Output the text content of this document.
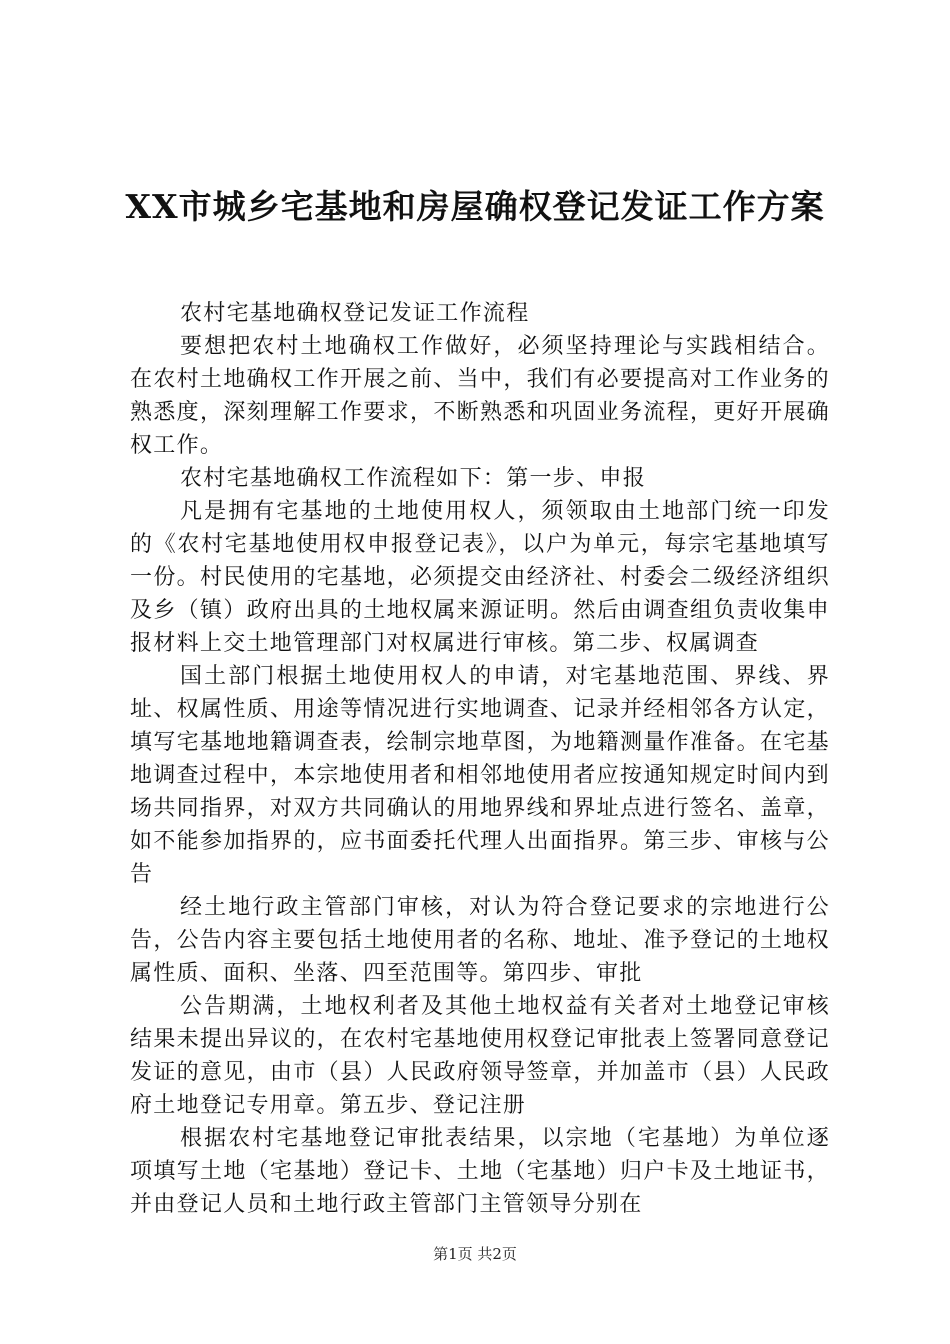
XX市城乡宅基地和房屋确权登记发证工作方案

农村宅基地确权登记发证工作流程

要想把农村土地确权工作做好，必须坚持理论与实践相结合。在农村土地确权工作开展之前、当中，我们有必要提高对工作业务的熟悉度，深刻理解工作要求，不断熟悉和巩固业务流程，更好开展确权工作。

农村宅基地确权工作流程如下：第一步、申报

凡是拥有宅基地的土地使用权人，须领取由土地部门统一印发的《农村宅基地使用权申报登记表》，以户为单元，每宗宅基地填写一份。村民使用的宅基地，必须提交由经济社、村委会二级经济组织及乡（镇）政府出具的土地权属来源证明。然后由调查组负责收集申报材料上交土地管理部门对权属进行审核。第二步、权属调查

国土部门根据土地使用权人的申请，对宅基地范围、界线、界址、权属性质、用途等情况进行实地调查、记录并经相邻各方认定，填写宅基地地籍调查表，绘制宗地草图，为地籍测量作准备。在宅基地调查过程中，本宗地使用者和相邻地使用者应按通知规定时间内到场共同指界，对双方共同确认的用地界线和界址点进行签名、盖章，如不能参加指界的，应书面委托代理人出面指界。第三步、审核与公告

经土地行政主管部门审核，对认为符合登记要求的宗地进行公告，公告内容主要包括土地使用者的名称、地址、准予登记的土地权属性质、面积、坐落、四至范围等。第四步、审批

公告期满，土地权利者及其他土地权益有关者对土地登记审核结果未提出异议的，在农村宅基地使用权登记审批表上签署同意登记发证的意见，由市（县）人民政府领导签章，并加盖市（县）人民政府土地登记专用章。第五步、登记注册

根据农村宅基地登记审批表结果，以宗地（宅基地）为单位逐项填写土地（宅基地）登记卡、土地（宅基地）归户卡及土地证书，并由登记人员和土地行政主管部门主管领导分别在

第1页 共2页
